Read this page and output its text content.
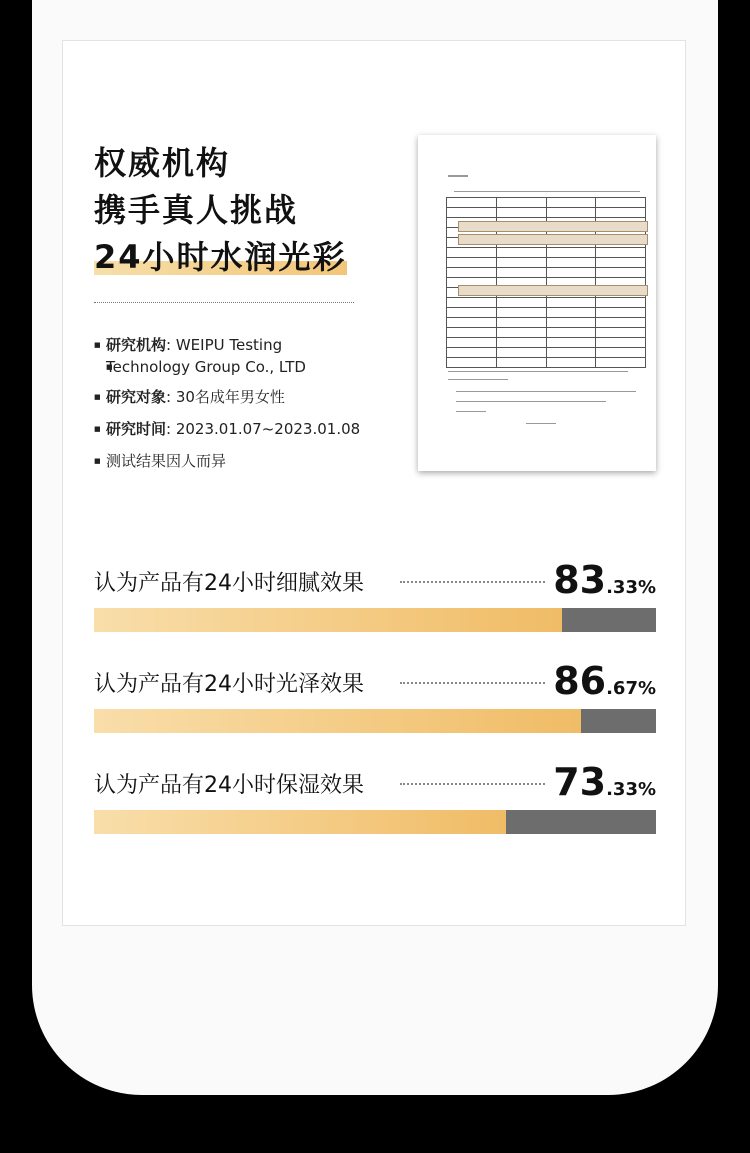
权威机构
携手真人挑战
24小时水润光彩
■ 研究机构: WEIPU Testing
■ Technology Group Co., LTD
■ 研究对象: 30名成年男女性
■ 研究时间: 2023.01.07~2023.01.08
■ 测试结果因人而异

认为产品有24小时细腻效果	83.33%
认为产品有24小时光泽效果	86.67%
认为产品有24小时保湿效果	73.33%
